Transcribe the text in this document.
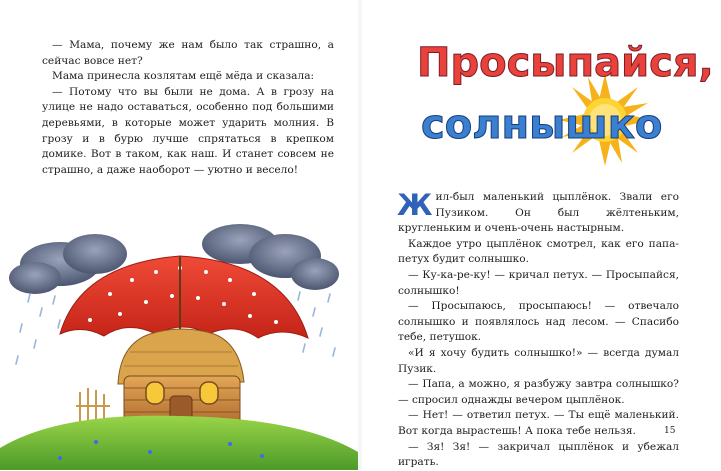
— Мама, почему же нам было так страшно, а сейчас вовсе нет?

Мама принесла козлятам ещё мёда и сказала:

— Потому что вы были не дома. А в грозу на улице не надо оставаться, особенно под большими деревьями, в которые может ударить молния. В грозу и в бурю лучше спрятаться в крепком домике. Вот в таком, как наш. И станет совсем не страшно, а даже наоборот — уютно и весело!

Просыпайся,
солнышко

Жил-был маленький цыплёнок. Звали его Пузиком. Он был жёлтеньким, кругленьким и очень-очень настырным.

Каждое утро цыплёнок смотрел, как его папа-петух будит солнышко.

— Ку-ка-ре-ку! — кричал петух. — Просыпайся, солнышко!

— Просыпаюсь, просыпаюсь! — отвечало солнышко и появлялось над лесом. — Спасибо тебе, петушок.

«И я хочу будить солнышко!» — всегда думал Пузик.

— Папа, а можно, я разбужу завтра солнышко? — спросил однажды вечером цыплёнок.

— Нет! — ответил петух. — Ты ещё маленький. Вот когда вырастешь! А пока тебе нельзя.

— Зя! Зя! — закричал цыплёнок и убежал играть.

15
